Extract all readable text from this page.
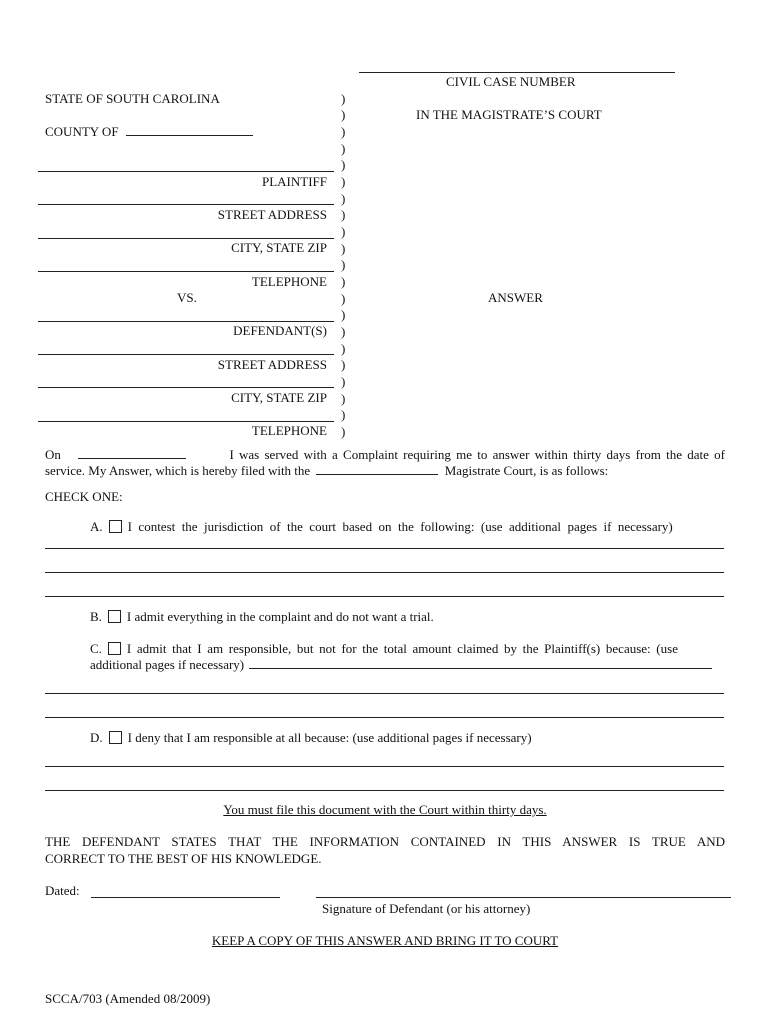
CIVIL CASE NUMBER
STATE OF SOUTH CAROLINA
IN THE MAGISTRATE’S COURT
COUNTY OF
)
)
)
)
)
)
)
)
)
)
)
)
)
)
)
)
)
)
)
)
)
PLAINTIFF
STREET ADDRESS
CITY, STATE ZIP
TELEPHONE
VS.	ANSWER
DEFENDANT(S)
STREET ADDRESS
CITY, STATE ZIP
TELEPHONE
On	I was served with a Complaint requiring me to answer within thirty days from the date of
service. My Answer, which is hereby filed with the	Magistrate Court, is as follows:
CHECK ONE:
A. I contest the jurisdiction of the court based on the following: (use additional pages if necessary)
B. I admit everything in the complaint and do not want a trial.
C. I admit that I am responsible, but not for the total amount claimed by the Plaintiff(s) because: (use
additional pages if necessary)
D. I deny that I am responsible at all because: (use additional pages if necessary)
You must file this document with the Court within thirty days.
THE DEFENDANT STATES THAT THE INFORMATION CONTAINED IN THIS ANSWER IS TRUE AND
CORRECT TO THE BEST OF HIS KNOWLEDGE.
Dated:
Signature of Defendant (or his attorney)
KEEP A COPY OF THIS ANSWER AND BRING IT TO COURT
SCCA/703 (Amended 08/2009)
